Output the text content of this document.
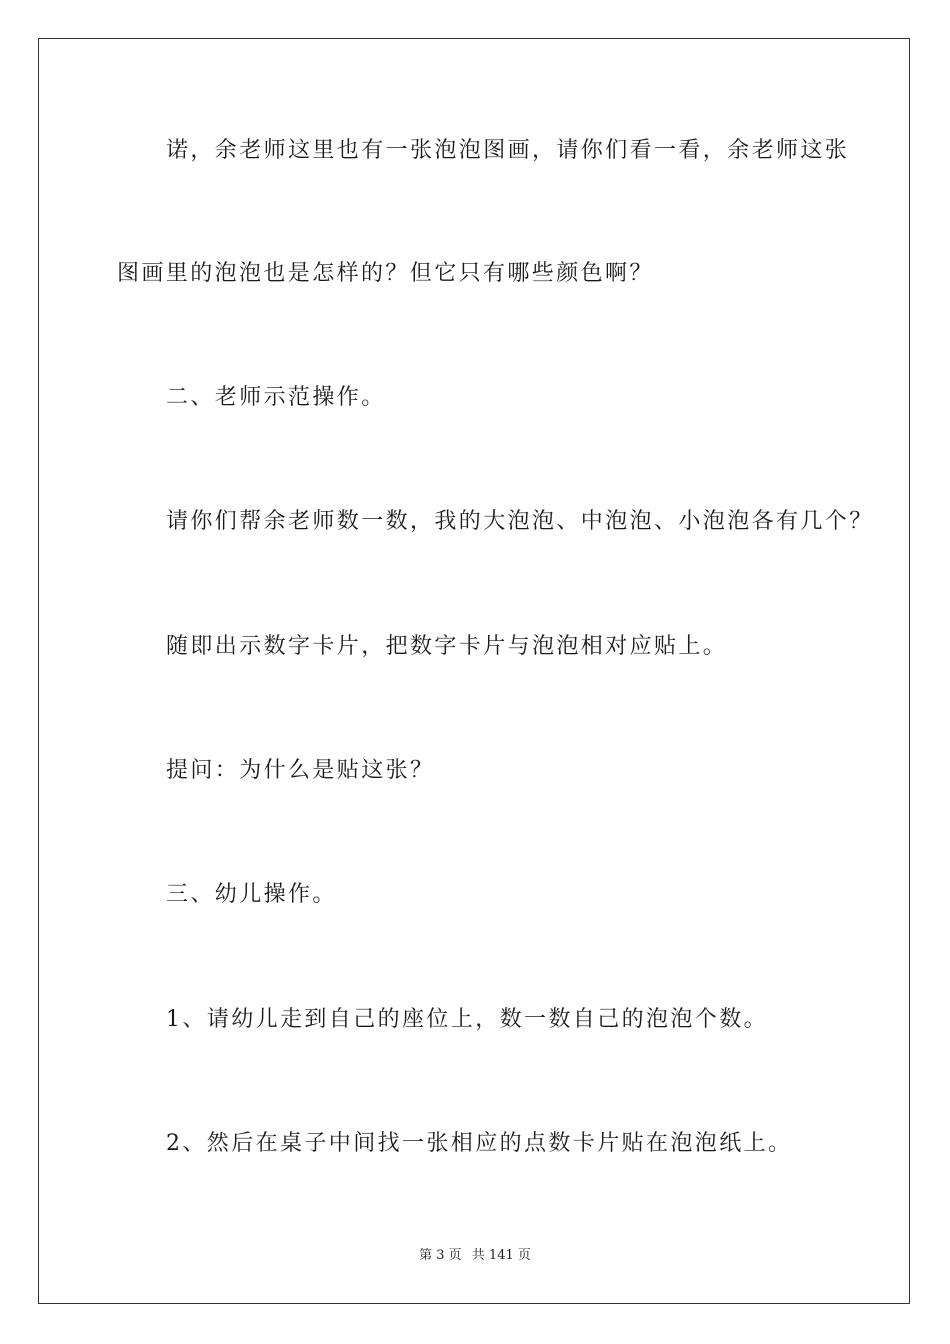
诺，余老师这里也有一张泡泡图画，请你们看一看，余老师这张
图画里的泡泡也是怎样的？但它只有哪些颜色啊？
二、老师示范操作。
请你们帮余老师数一数，我的大泡泡、中泡泡、小泡泡各有几个？
随即出示数字卡片，把数字卡片与泡泡相对应贴上。
提问：为什么是贴这张？
三、幼儿操作。
1、请幼儿走到自己的座位上，数一数自己的泡泡个数。
2、然后在桌子中间找一张相应的点数卡片贴在泡泡纸上。
第 3 页 共 141 页
